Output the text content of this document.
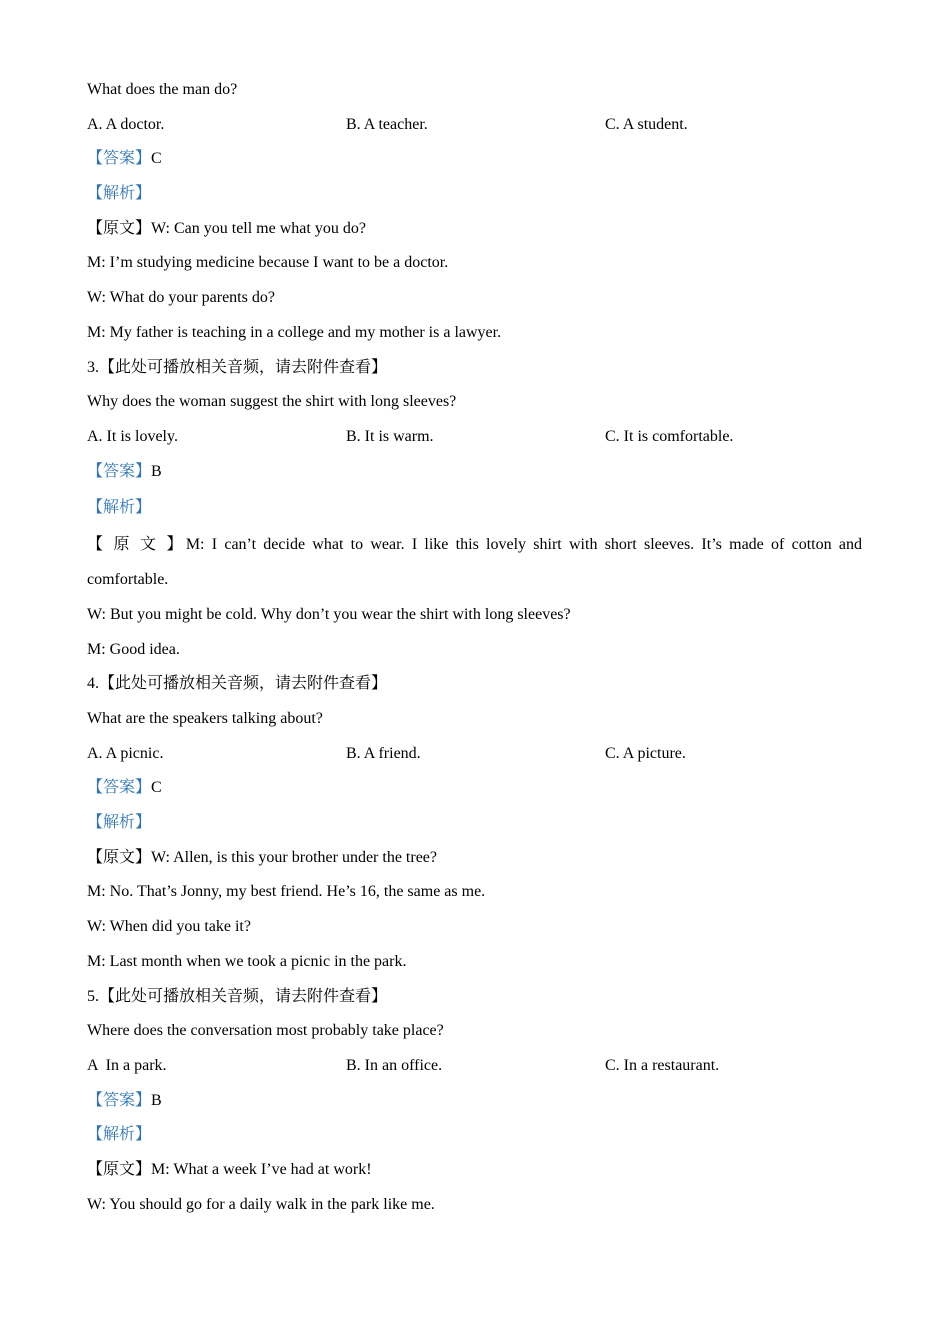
What does the man do?
A. A doctor.	B. A teacher.	C. A student.
【答案】C
【解析】
【原文】W: Can you tell me what you do?
M: I’m studying medicine because I want to be a doctor.
W: What do your parents do?
M: My father is teaching in a college and my mother is a lawyer.
3.【此处可播放相关音频，请去附件查看】
Why does the woman suggest the shirt with long sleeves?
A. It is lovely.	B. It is warm.	C. It is comfortable.
【答案】B
【解析】
【 原 文 】M: I can’t decide what to wear. I like this lovely shirt with short sleeves. It’s made of cotton and
comfortable.
W: But you might be cold. Why don’t you wear the shirt with long sleeves?
M: Good idea.
4.【此处可播放相关音频，请去附件查看】
What are the speakers talking about?
A. A picnic.	B. A friend.	C. A picture.
【答案】C
【解析】
【原文】W: Allen, is this your brother under the tree?
M: No. That’s Jonny, my best friend. He’s 16, the same as me.
W: When did you take it?
M: Last month when we took a picnic in the park.
5.【此处可播放相关音频，请去附件查看】
Where does the conversation most probably take place?
A  In a park.	B. In an office.	C. In a restaurant.
【答案】B
【解析】
【原文】M: What a week I’ve had at work!
W: You should go for a daily walk in the park like me.
